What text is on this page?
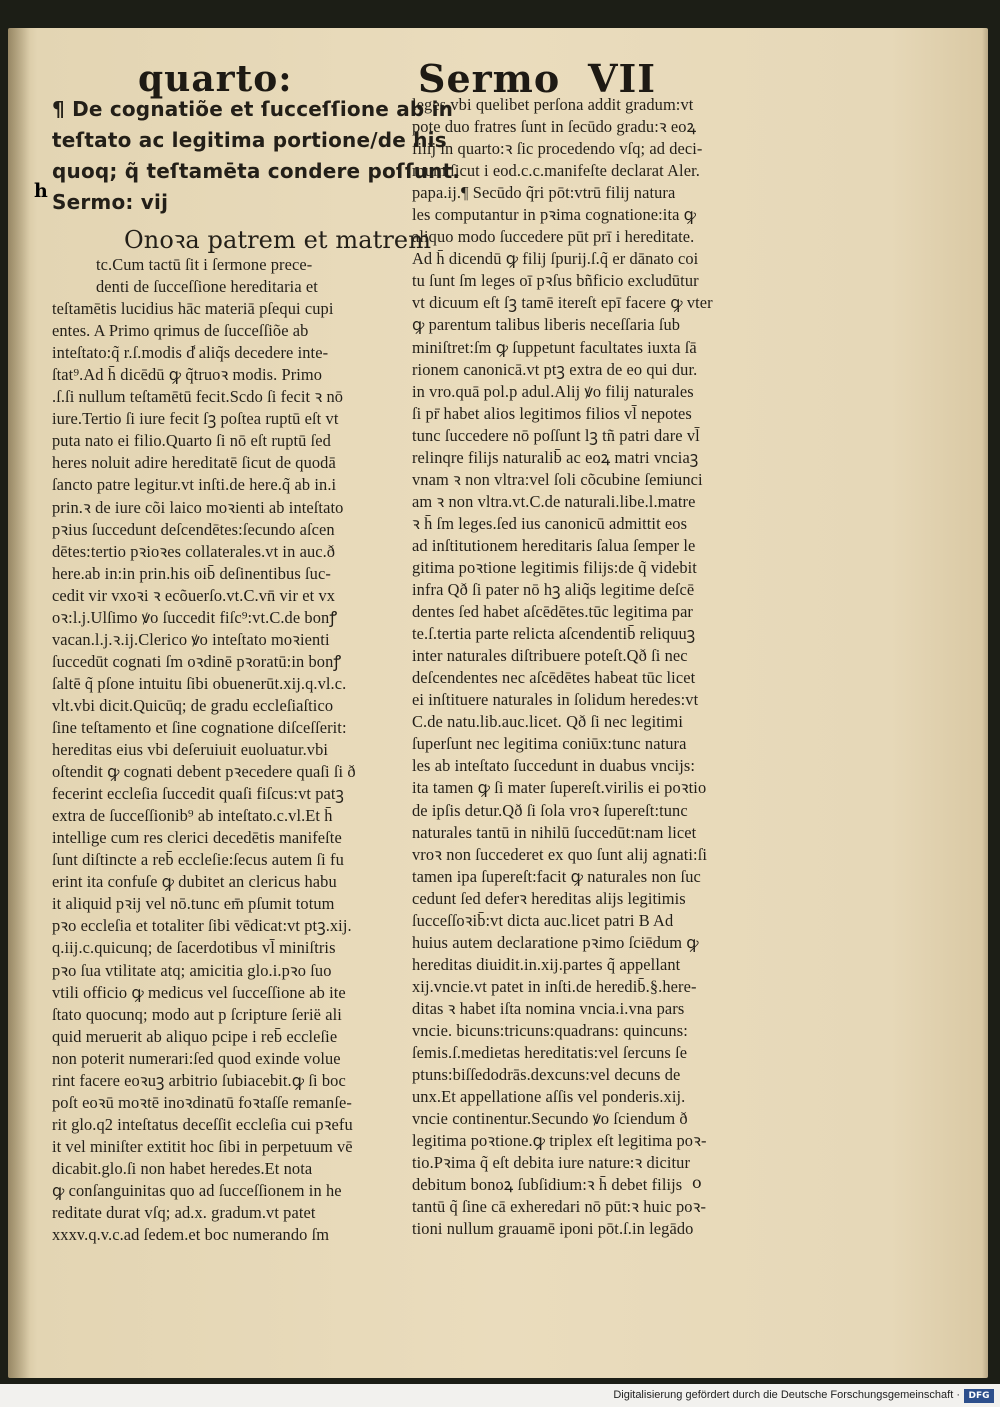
quarto:	Sermo VII
¶ De cognatiõe et ſucceſſione ab in
teſtato ac legitima portione/de his
quoq; q̃ teſtamēta condere poſſunt.
Sermo: vij
Onoꝛa patrem et matrem
tc.Cum tactū ſit i ſermone prece‑
denti de ſucceſſione hereditaria et
teſtamētis lucidius hāc materiā pſequi cupi
entes. A Primo qrimus de ſucceſſiõe ab
inteſtato:q̃ r.ſ.modis d̾ aliq̃s decedere inte‑
ſtat⁹.Ad h̄ dicēdū ꝙ q̃truoꝛ modis. Primo
.ſ.ſi nullum teſtamētū fecit.Scdo ſi fecit ꝛ nō
iure.Tertio ſi iure fecit ſꝫ poſtea ruptū eſt vt
puta nato ei filio.Quarto ſi nō eſt ruptū ſed
heres noluit adire hereditatē ſicut de quodā
ſancto patre legitur.vt inſti.de here.q̃ ab in.i
prin.ꝛ de iure cõi laico moꝛienti ab inteſtato
pꝛius ſuccedunt deſcendētes:ſecundo aſcen
dētes:tertio pꝛioꝛes collaterales.vt in auc.ð
here.ab in:in prin.his oib̄ deſinentibus ſuc‑
cedit vir vxoꝛi ꝛ ecõuerſo.vt.C.vn̄ vir et vx
oꝛ:l.j.Ulſimo ꝟo ſuccedit fiſc⁹:vt.C.de bonꝭ
vacan.l.j.ꝛ.ij.Clerico ꝟo inteſtato moꝛienti
ſuccedūt cognati ſm oꝛdinē pꝛoratū:in bonꝭ
ſaltē q̃ pſone intuitu ſibi obuenerūt.xij.q.vl.c.
vlt.vbi dicit.Quicūq; de gradu eccleſiaſtico
ſine teſtamento et ſine cognatione diſceſſerit:
hereditas eius vbi deſeruiuit euoluatur.vbi
oſtendit ꝙ cognati debent pꝛecedere quaſi ſi ð
fecerint eccleſia ſuccedit quaſi fiſcus:vt patꝫ
extra de ſucceſſionib⁹ ab inteſtato.c.vl.Et h̄
intellige cum res clerici decedētis manifeſte
ſunt diſtincte a reb̄ eccleſie:ſecus autem ſi fu
erint ita confuſe ꝙ dubitet an clericus habu
it aliquid pꝛij vel nō.tunc em̄ pſumit totum
pꝛo eccleſia et totaliter ſibi vēdicat:vt ptꝫ.xij.
q.iij.c.quicunq; de ſacerdotibus vl̄ miniſtris
pꝛo ſua vtilitate atq; amicitia glo.i.pꝛo ſuo
vtili officio ꝙ medicus vel ſucceſſione ab ite
ſtato quocunq; modo aut p ſcripture ſerië ali
quid meruerit ab aliquo pcipe i reb̄ eccleſie
non poterit numerari:ſed quod exinde volue
rint facere eoꝛuꝫ arbitrio ſubiacebit.ꝙ ſi boc
poſt eoꝛū moꝛtē inoꝛdinatū foꝛtaſſe remanſe‑
rit glo.q2 inteſtatus deceſſit eccleſia cui pꝛefu
it vel miniſter extitit hoc ſibi in perpetuum vē
dicabit.glo.ſi non habet heredes.Et nota
ꝙ conſanguinitas quo ad ſucceſſionem in he
reditate durat vſq; ad.x. gradum.vt patet
xxxv.q.v.c.ad ſedem.et boc numerando ſm
h
leges vbi quelibet perſona addit gradum:vt
pote duo fratres ſunt in ſecūdo gradu:ꝛ eoꝝ
filij in quarto:ꝛ ſic procedendo vſq; ad deci‑
mum ſicut i eod.c.c.manifeſte declarat Aler.
papa.ij.¶ Secūdo q̃ri pōt:vtrū filij natura
les computantur in pꝛima cognatione:ita ꝙ
aliquo modo ſuccedere pūt prī i hereditate.
Ad h̄ dicendū ꝙ filij ſpurij.ſ.q̃ er dānato coi
tu ſunt ſm leges oī pꝛſus bñficio excludūtur
vt dicuum eſt ſꝫ tamē itereſt epī facere ꝙ vter
ꝙ parentum talibus liberis neceſſaria ſub
miniſtret:ſm ꝙ ſuppetunt facultates iuxta ſā
rionem canonicā.vt ptꝫ extra de eo qui dur.
in vro.quā pol.p adul.Alij ꝟo filij naturales
ſi pr̄ habet alios legitimos filios vl̄ nepotes
tunc ſuccedere nō poſſunt lꝫ tñ patri dare vl̄
relinqre filijs naturalib̄ ac eoꝝ matri vnciaꝫ
vnam ꝛ non vltra:vel ſoli cõcubine ſemiunci
am ꝛ non vltra.vt.C.de naturali.libe.l.matre
ꝛ h̄ ſm leges.ſed ius canonicū admittit eos
ad inſtitutionem hereditaris ſalua ſemper le
gitima poꝛtione legitimis filijs:de q̃ videbit
infra Qð ſi pater nō hꝫ aliq̃s legitime deſcē
dentes ſed habet aſcēdētes.tūc legitima par
te.ſ.tertia parte relicta aſcendentib̄ reliquuꝫ
inter naturales diſtribuere poteſt.Qð ſi nec
deſcendentes nec aſcēdētes habeat tūc licet
ei inſtituere naturales in ſolidum heredes:vt
C.de natu.lib.auc.licet. Qð ſi nec legitimi
ſuperſunt nec legitima coniūx:tunc natura
les ab inteſtato ſuccedunt in duabus vncijs:
ita tamen ꝙ ſi mater ſupereſt.virilis ei poꝛtio
de ipſis detur.Qð ſi ſola vroꝛ ſupereſt:tunc
naturales tantū in nihilū ſuccedūt:nam licet
vroꝛ non ſuccederet ex quo ſunt alij agnati:ſi
tamen ipa ſupereſt:facit ꝙ naturales non ſuc
cedunt ſed deferꝛ hereditas alijs legitimis
ſucceſſoꝛib̄:vt dicta auc.licet patri B Ad
huius autem declaratione pꝛimo ſciēdum ꝙ
hereditas diuidit.in.xij.partes q̃ appellant
xij.vncie.vt patet in inſti.de heredib̄.§.here‑
ditas ꝛ habet iſta nomina vncia.i.vna pars
vncie. bicuns:tricuns:quadrans: quincuns:
ſemis.ſ.medietas hereditatis:vel ſercuns ſe
ptuns:biſſedodrās.dexcuns:vel decuns de
unx.Et appellatione aſſis vel ponderis.xij.
vncie continentur.Secundo ꝟo ſciendum ð
legitima poꝛtione.ꝙ triplex eſt legitima poꝛ‑
tio.Pꝛima q̃ eſt debita iure nature:ꝛ dicitur
debitum bonoꝝ ſubſidium:ꝛ h̄ debet filijs
tantū q̃ ſine cā exheredari nō pūt:ꝛ huic poꝛ‑
tioni nullum grauamē iponi pōt.ſ.in legādo
o
Digitalisierung gefördert durch die Deutsche Forschungsgemeinschaft · DFG
